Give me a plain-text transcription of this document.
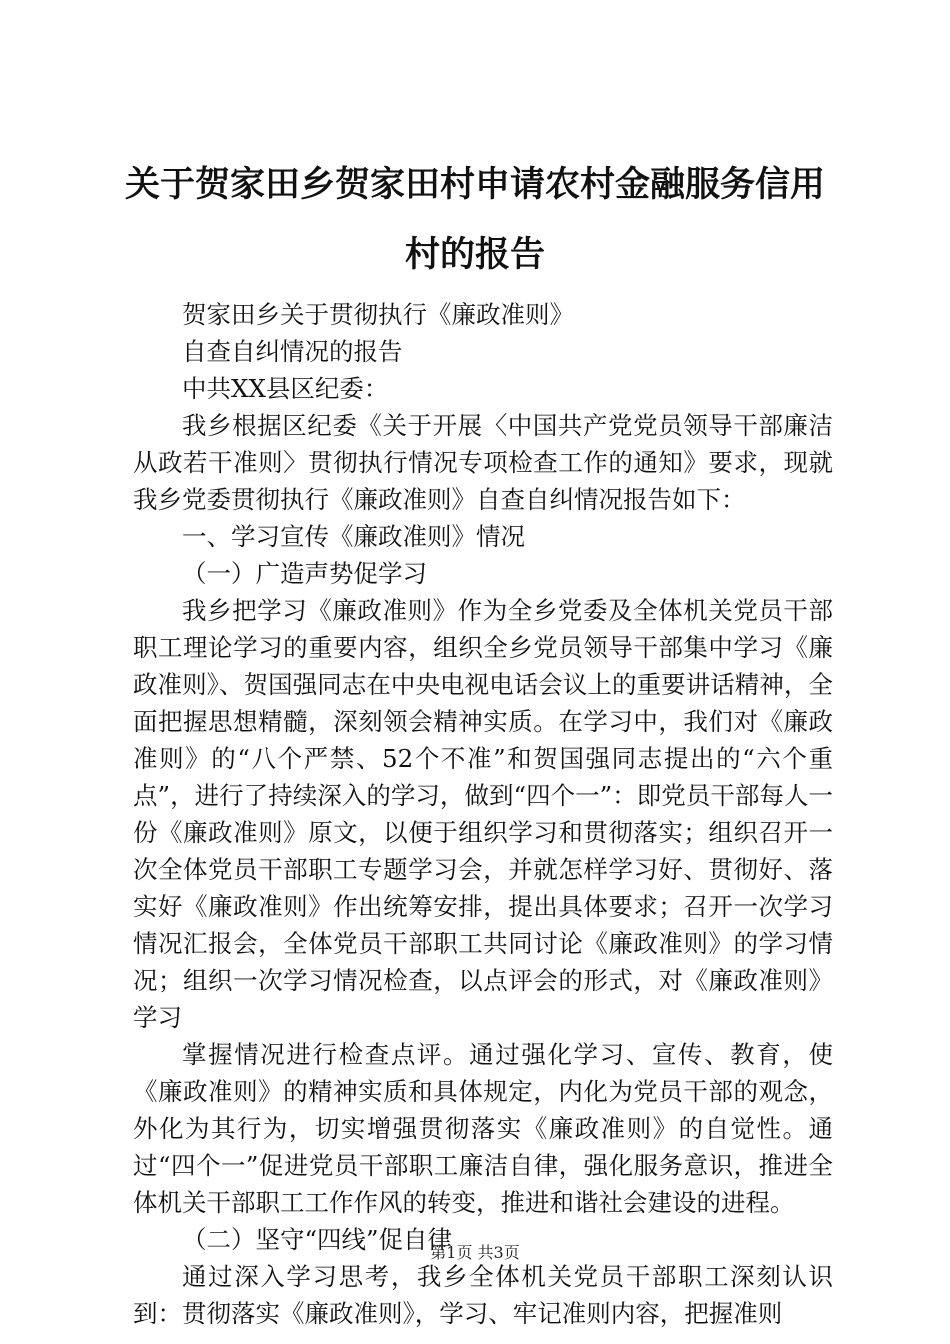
关于贺家田乡贺家田村申请农村金融服务信用村的报告

贺家田乡关于贯彻执行《廉政准则》

自查自纠情况的报告

中共XX县区纪委：

我乡根据区纪委《关于开展〈中国共产党党员领导干部廉洁从政若干准则〉贯彻执行情况专项检查工作的通知》要求，现就我乡党委贯彻执行《廉政准则》自查自纠情况报告如下：

一、学习宣传《廉政准则》情况

（一）广造声势促学习

我乡把学习《廉政准则》作为全乡党委及全体机关党员干部职工理论学习的重要内容，组织全乡党员领导干部集中学习《廉政准则》、贺国强同志在中央电视电话会议上的重要讲话精神，全面把握思想精髓，深刻领会精神实质。在学习中，我们对《廉政准则》的“八个严禁、52个不准”和贺国强同志提出的“六个重点”，进行了持续深入的学习，做到“四个一”：即党员干部每人一份《廉政准则》原文，以便于组织学习和贯彻落实；组织召开一次全体党员干部职工专题学习会，并就怎样学习好、贯彻好、落实好《廉政准则》作出统筹安排，提出具体要求；召开一次学习情况汇报会，全体党员干部职工共同讨论《廉政准则》的学习情况；组织一次学习情况检查，以点评会的形式，对《廉政准则》学习

掌握情况进行检查点评。通过强化学习、宣传、教育，使《廉政准则》的精神实质和具体规定，内化为党员干部的观念，外化为其行为，切实增强贯彻落实《廉政准则》的自觉性。通过“四个一”促进党员干部职工廉洁自律，强化服务意识，推进全体机关干部职工工作作风的转变，推进和谐社会建设的进程。

（二）坚守“四线”促自律

通过深入学习思考，我乡全体机关党员干部职工深刻认识到：贯彻落实《廉政准则》，学习、牢记准则内容，把握准则

第1页 共3页
